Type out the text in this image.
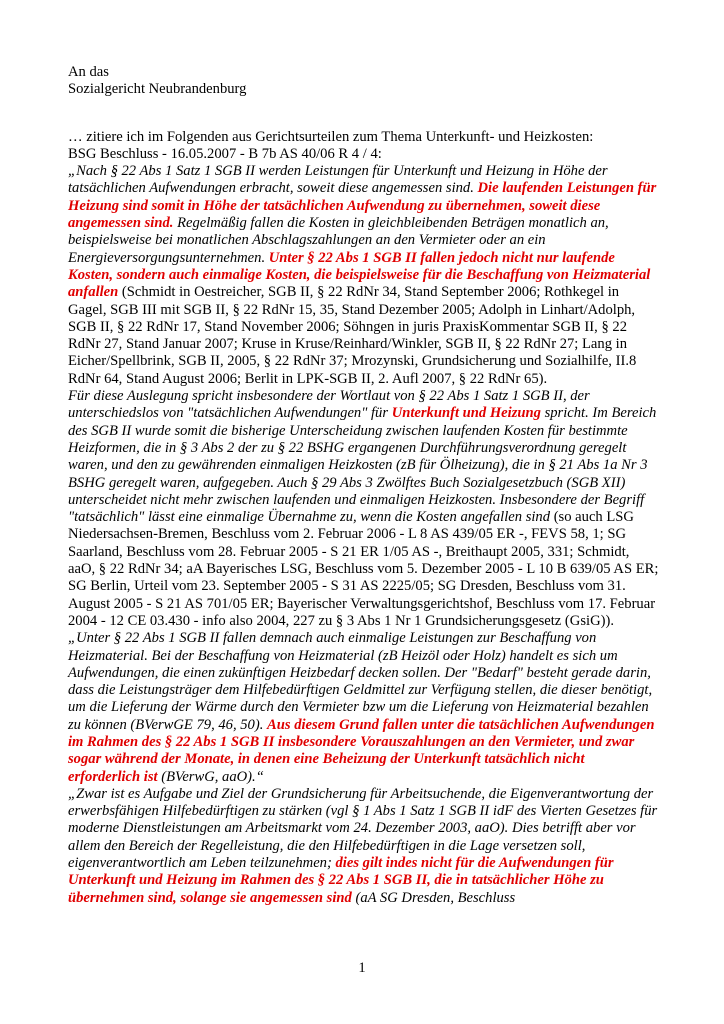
An das
Sozialgericht Neubrandenburg

… zitiere ich im Folgenden aus Gerichtsurteilen zum Thema Unterkunft- und Heizkosten:

BSG Beschluss - 16.05.2007 - B 7b AS 40/06 R 4 / 4:

„Nach § 22 Abs 1 Satz 1 SGB II werden Leistungen für Unterkunft und Heizung in Höhe der tatsächlichen Aufwendungen erbracht, soweit diese angemessen sind. Die laufenden Leistungen für Heizung sind somit in Höhe der tatsächlichen Aufwendung zu übernehmen, soweit diese angemessen sind. Regelmäßig fallen die Kosten in gleichbleibenden Beträgen monatlich an, beispielsweise bei monatlichen Abschlagszahlungen an den Vermieter oder an ein Energieversorgungsunternehmen. Unter § 22 Abs 1 SGB II fallen jedoch nicht nur laufende Kosten, sondern auch einmalige Kosten, die beispielsweise für die Beschaffung von Heizmaterial anfallen (Schmidt in Oestreicher, SGB II, § 22 RdNr 34, Stand September 2006; Rothkegel in Gagel, SGB III mit SGB II, § 22 RdNr 15, 35, Stand Dezember 2005; Adolph in Linhart/Adolph, SGB II, § 22 RdNr 17, Stand November 2006; Söhngen in juris PraxisKommentar SGB II, § 22 RdNr 27, Stand Januar 2007; Kruse in Kruse/Reinhard/Winkler, SGB II, § 22 RdNr 27; Lang in Eicher/Spellbrink, SGB II, 2005, § 22 RdNr 37; Mrozynski, Grundsicherung und Sozialhilfe, II.8 RdNr 64, Stand August 2006; Berlit in LPK-SGB II, 2. Aufl 2007, § 22 RdNr 65).

Für diese Auslegung spricht insbesondere der Wortlaut von § 22 Abs 1 Satz 1 SGB II, der unterschiedslos von "tatsächlichen Aufwendungen" für Unterkunft und Heizung spricht. Im Bereich des SGB II wurde somit die bisherige Unterscheidung zwischen laufenden Kosten für bestimmte Heizformen, die in § 3 Abs 2 der zu § 22 BSHG ergangenen Durchführungsverordnung geregelt waren, und den zu gewährenden einmaligen Heizkosten (zB für Ölheizung), die in § 21 Abs 1a Nr 3 BSHG geregelt waren, aufgegeben. Auch § 29 Abs 3 Zwölftes Buch Sozialgesetzbuch (SGB XII) unterscheidet nicht mehr zwischen laufenden und einmaligen Heizkosten. Insbesondere der Begriff "tatsächlich" lässt eine einmalige Übernahme zu, wenn die Kosten angefallen sind (so auch LSG Niedersachsen-Bremen, Beschluss vom 2. Februar 2006 - L 8 AS 439/05 ER -, FEVS 58, 1; SG Saarland, Beschluss vom 28. Februar 2005 - S 21 ER 1/05 AS -, Breithaupt 2005, 331; Schmidt, aaO, § 22 RdNr 34; aA Bayerisches LSG, Beschluss vom 5. Dezember 2005 - L 10 B 639/05 AS ER; SG Berlin, Urteil vom 23. September 2005 - S 31 AS 2225/05; SG Dresden, Beschluss vom 31. August 2005 - S 21 AS 701/05 ER; Bayerischer Verwaltungsgerichtshof, Beschluss vom 17. Februar 2004 - 12 CE 03.430 - info also 2004, 227 zu § 3 Abs 1 Nr 1 Grundsicherungsgesetz (GsiG)).

„Unter § 22 Abs 1 SGB II fallen demnach auch einmalige Leistungen zur Beschaffung von Heizmaterial. Bei der Beschaffung von Heizmaterial (zB Heizöl oder Holz) handelt es sich um Aufwendungen, die einen zukünftigen Heizbedarf decken sollen. Der "Bedarf" besteht gerade darin, dass die Leistungsträger dem Hilfebedürftigen Geldmittel zur Verfügung stellen, die dieser benötigt, um die Lieferung der Wärme durch den Vermieter bzw um die Lieferung von Heizmaterial bezahlen zu können (BVerwGE 79, 46, 50). Aus diesem Grund fallen unter die tatsächlichen Aufwendungen im Rahmen des § 22 Abs 1 SGB II insbesondere Vorauszahlungen an den Vermieter, und zwar sogar während der Monate, in denen eine Beheizung der Unterkunft tatsächlich nicht erforderlich ist (BVerwG, aaO).“

„Zwar ist es Aufgabe und Ziel der Grundsicherung für Arbeitsuchende, die Eigenverantwortung der erwerbsfähigen Hilfebedürftigen zu stärken (vgl § 1 Abs 1 Satz 1 SGB II idF des Vierten Gesetzes für moderne Dienstleistungen am Arbeitsmarkt vom 24. Dezember 2003, aaO). Dies betrifft aber vor allem den Bereich der Regelleistung, die den Hilfebedürftigen in die Lage versetzen soll, eigenverantwortlich am Leben teilzunehmen; dies gilt indes nicht für die Aufwendungen für Unterkunft und Heizung im Rahmen des § 22 Abs 1 SGB II, die in tatsächlicher Höhe zu übernehmen sind, solange sie angemessen sind (aA SG Dresden, Beschluss

1
